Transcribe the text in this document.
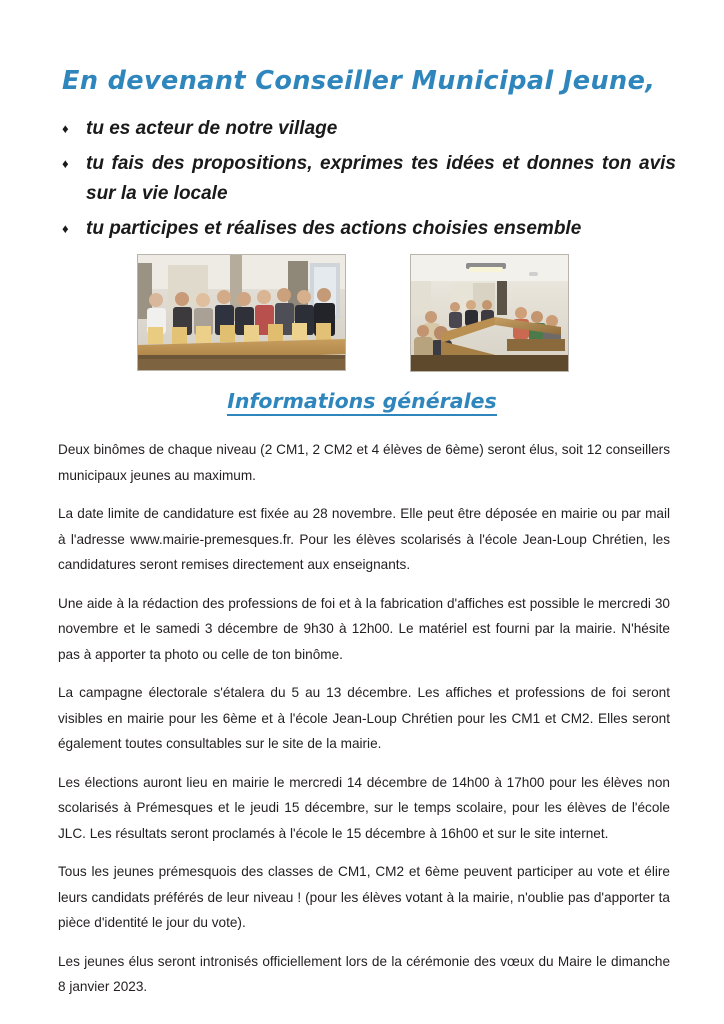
En devenant Conseiller Municipal Jeune,
♦ tu es acteur de notre village
♦ tu fais des propositions, exprimes tes idées et donnes ton avis sur la vie locale
♦ tu participes et réalises des actions choisies ensemble
Informations générales

Deux binômes de chaque niveau (2 CM1, 2 CM2 et 4 élèves de 6ème) seront élus, soit 12 conseillers municipaux jeunes au maximum.

La date limite de candidature est fixée au 28 novembre. Elle peut être déposée en mairie ou par mail à l'adresse www.mairie-premesques.fr. Pour les élèves scolarisés à l'école Jean-Loup Chrétien, les candidatures seront remises directement aux enseignants.

Une aide à la rédaction des professions de foi et à la fabrication d'affiches est possible le mercredi 30 novembre et le samedi 3 décembre de 9h30 à 12h00. Le matériel est fourni par la mairie. N'hésite pas à apporter ta photo ou celle de ton binôme.

La campagne électorale s'étalera du 5 au 13 décembre. Les affiches et professions de foi seront visibles en mairie pour les 6ème et à l'école Jean-Loup Chrétien pour les CM1 et CM2. Elles seront également toutes consultables sur le site de la mairie.

Les élections auront lieu en mairie le mercredi 14 décembre de 14h00 à 17h00 pour les élèves non scolarisés à Prémesques et le jeudi 15 décembre, sur le temps scolaire, pour les élèves de l'école JLC. Les résultats seront proclamés à l'école le 15 décembre à 16h00 et sur le site internet.

Tous les jeunes prémesquois des classes de CM1, CM2 et 6ème peuvent participer au vote et élire leurs candidats préférés de leur niveau ! (pour les élèves votant à la mairie, n'oublie pas d'apporter ta pièce d'identité le jour du vote).

Les jeunes élus seront intronisés officiellement lors de la cérémonie des vœux du Maire le dimanche 8 janvier 2023.
